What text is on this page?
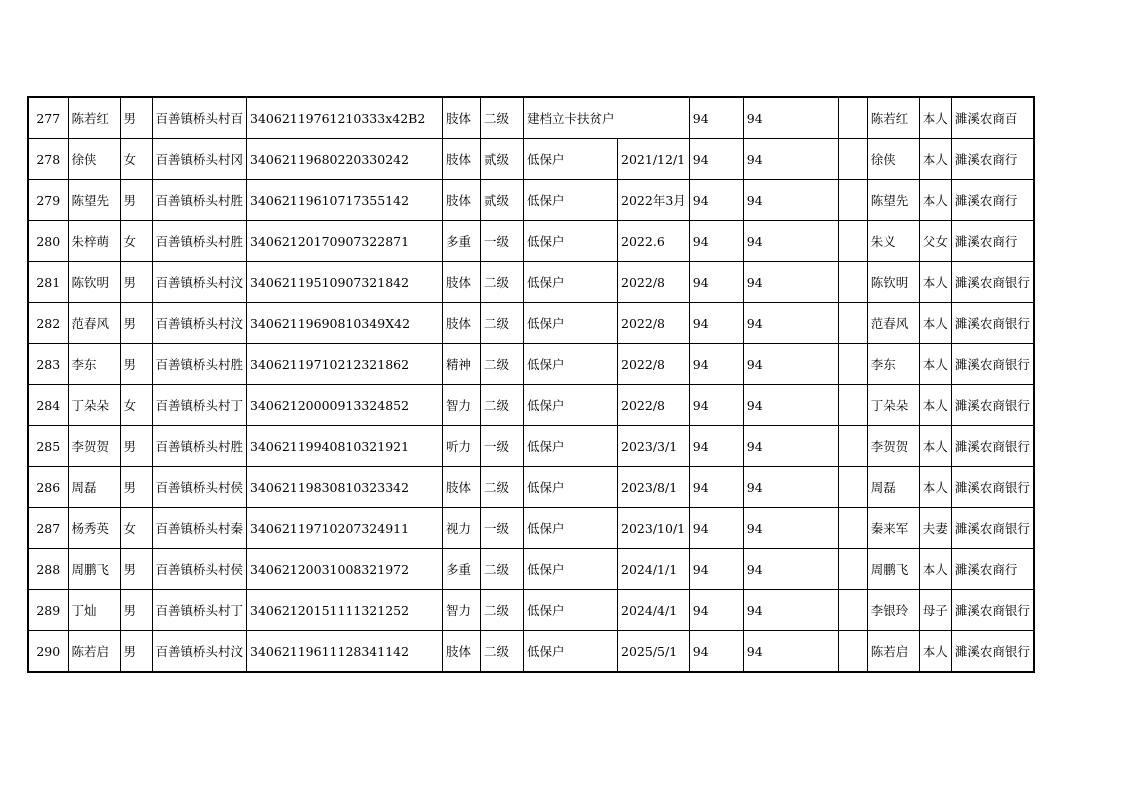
277	陈若红	男	百善镇桥头村百	34062119761210333x42B2	肢体	二级	建档立卡扶贫户		94	94		陈若红	本人	濉溪农商百
278	徐侠	女	百善镇桥头村冈	34062119680220330242	肢体	贰级	低保户	2021/12/1	94	94		徐侠	本人	濉溪农商行
279	陈望先	男	百善镇桥头村胜	34062119610717355142	肢体	贰级	低保户	2022年3月	94	94		陈望先	本人	濉溪农商行
280	朱梓萌	女	百善镇桥头村胜	34062120170907322871	多重	一级	低保户	2022.6	94	94		朱义	父女	濉溪农商行
281	陈钦明	男	百善镇桥头村汶	34062119510907321842	肢体	二级	低保户	2022/8	94	94		陈钦明	本人	濉溪农商银行
282	范春风	男	百善镇桥头村汶	34062119690810349X42	肢体	二级	低保户	2022/8	94	94		范春风	本人	濉溪农商银行
283	李东	男	百善镇桥头村胜	34062119710212321862	精神	二级	低保户	2022/8	94	94		李东	本人	濉溪农商银行
284	丁朵朵	女	百善镇桥头村丁	34062120000913324852	智力	二级	低保户	2022/8	94	94		丁朵朵	本人	濉溪农商银行
285	李贺贺	男	百善镇桥头村胜	34062119940810321921	听力	一级	低保户	2023/3/1	94	94		李贺贺	本人	濉溪农商银行
286	周磊	男	百善镇桥头村侯	34062119830810323342	肢体	二级	低保户	2023/8/1	94	94		周磊	本人	濉溪农商银行
287	杨秀英	女	百善镇桥头村秦	34062119710207324911	视力	一级	低保户	2023/10/1	94	94		秦来军	夫妻	濉溪农商银行
288	周鹏飞	男	百善镇桥头村侯	34062120031008321972	多重	二级	低保户	2024/1/1	94	94		周鹏飞	本人	濉溪农商行
289	丁灿	男	百善镇桥头村丁	34062120151111321252	智力	二级	低保户	2024/4/1	94	94		李银玲	母子	濉溪农商银行
290	陈若启	男	百善镇桥头村汶	34062119611128341142	肢体	二级	低保户	2025/5/1	94	94		陈若启	本人	濉溪农商银行
